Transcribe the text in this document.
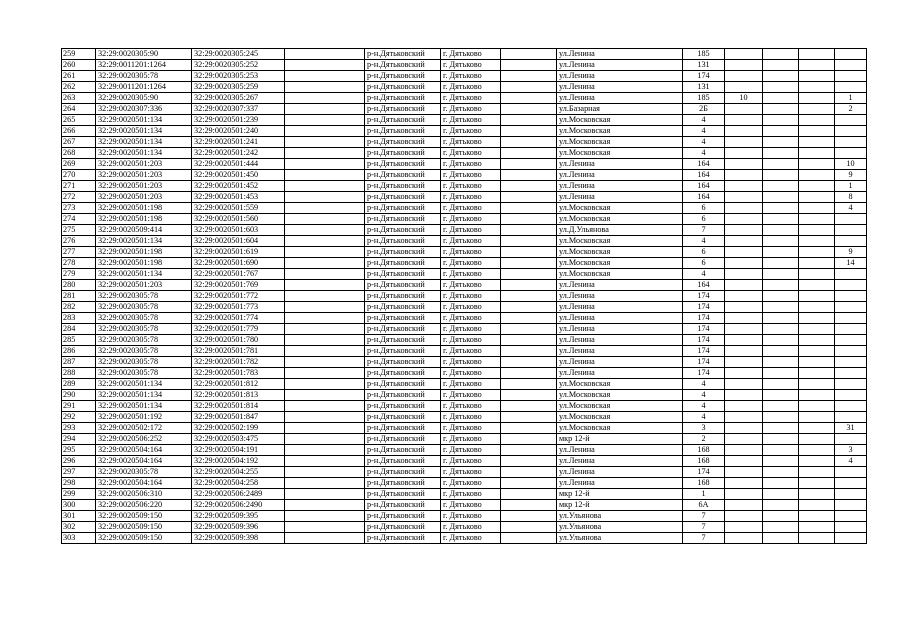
259	32:29:0020305:90	32:29:0020305:245		р-н.Дятьковский	г. Дятьково		ул.Ленина	185				
260	32:29:0011201:1264	32:29:0020305:252		р-н.Дятьковский	г. Дятьково		ул.Ленина	131				
261	32:29:0020305:78	32:29:0020305:253		р-н.Дятьковский	г. Дятьково		ул.Ленина	174				
262	32:29:0011201:1264	32:29:0020305:259		р-н.Дятьковский	г. Дятьково		ул.Ленина	131				
263	32:29:0020305:90	32:29:0020305:267		р-н.Дятьковский	г. Дятьково		ул.Ленина	185	10			1
264	32:29:0020307:336	32:29:0020307:337		р-н.Дятьковский	г. Дятьково		ул.Базарная	2Б				2
265	32:29:0020501:134	32:29:0020501:239		р-н.Дятьковский	г. Дятьково		ул.Московская	4				
266	32:29:0020501:134	32:29:0020501:240		р-н.Дятьковский	г. Дятьково		ул.Московская	4				
267	32:29:0020501:134	32:29:0020501:241		р-н.Дятьковский	г. Дятьково		ул.Московская	4				
268	32:29:0020501:134	32:29:0020501:242		р-н.Дятьковский	г. Дятьково		ул.Московская	4				
269	32:29:0020501:203	32:29:0020501:444		р-н.Дятьковский	г. Дятьково		ул.Ленина	164				10
270	32:29:0020501:203	32:29:0020501:450		р-н.Дятьковский	г. Дятьково		ул.Ленина	164				9
271	32:29:0020501:203	32:29:0020501:452		р-н.Дятьковский	г. Дятьково		ул.Ленина	164				1
272	32:29:0020501:203	32:29:0020501:453		р-н.Дятьковский	г. Дятьково		ул.Ленина	164				8
273	32:29:0020501:198	32:29:0020501:559		р-н.Дятьковский	г. Дятьково		ул.Московская	6				4
274	32:29:0020501:198	32:29:0020501:560		р-н.Дятьковский	г. Дятьково		ул.Московская	6				
275	32:29:0020509:414	32:29:0020501:603		р-н.Дятьковский	г. Дятьково		ул.Д.Ульянова	7				
276	32:29:0020501:134	32:29:0020501:604		р-н.Дятьковский	г. Дятьково		ул.Московская	4				
277	32:29:0020501:198	32:29:0020501:619		р-н.Дятьковский	г. Дятьково		ул.Московская	6				9
278	32:29:0020501:198	32:29:0020501:690		р-н.Дятьковский	г. Дятьково		ул.Московская	6				14
279	32:29:0020501:134	32:29:0020501:767		р-н.Дятьковский	г. Дятьково		ул.Московская	4				
280	32:29:0020501:203	32:29:0020501:769		р-н.Дятьковский	г. Дятьково		ул.Ленина	164				
281	32:29:0020305:78	32:29:0020501:772		р-н.Дятьковский	г. Дятьково		ул.Ленина	174				
282	32:29:0020305:78	32:29:0020501:773		р-н.Дятьковский	г. Дятьково		ул.Ленина	174				
283	32:29:0020305:78	32:29:0020501:774		р-н.Дятьковский	г. Дятьково		ул.Ленина	174				
284	32:29:0020305:78	32:29:0020501:779		р-н.Дятьковский	г. Дятьково		ул.Ленина	174				
285	32:29:0020305:78	32:29:0020501:780		р-н.Дятьковский	г. Дятьково		ул.Ленина	174				
286	32:29:0020305:78	32:29:0020501:781		р-н.Дятьковский	г. Дятьково		ул.Ленина	174				
287	32:29:0020305:78	32:29:0020501:782		р-н.Дятьковский	г. Дятьково		ул.Ленина	174				
288	32:29:0020305:78	32:29:0020501:783		р-н.Дятьковский	г. Дятьково		ул.Ленина	174				
289	32:29:0020501:134	32:29:0020501:812		р-н.Дятьковский	г. Дятьково		ул.Московская	4				
290	32:29:0020501:134	32:29:0020501:813		р-н.Дятьковский	г. Дятьково		ул.Московская	4				
291	32:29:0020501:134	32:29:0020501:814		р-н.Дятьковский	г. Дятьково		ул.Московская	4				
292	32:29:0020501:192	32:29:0020501:847		р-н.Дятьковский	г. Дятьково		ул.Московская	4				
293	32:29:0020502:172	32:29:0020502:199		р-н.Дятьковский	г. Дятьково		ул.Московская	3				31
294	32:29:0020506:252	32:29:0020503:475		р-н.Дятьковский	г. Дятьково		мкр 12-й	2				
295	32:29:0020504:164	32:29:0020504:191		р-н.Дятьковский	г. Дятьково		ул.Ленина	168				3
296	32:29:0020504:164	32:29:0020504:192		р-н.Дятьковский	г. Дятьково		ул.Ленина	168				4
297	32:29:0020305:78	32:29:0020504:255		р-н.Дятьковский	г. Дятьково		ул.Ленина	174				
298	32:29:0020504:164	32:29:0020504:258		р-н.Дятьковский	г. Дятьково		ул.Ленина	168				
299	32:29:0020506:310	32:29:0020506:2489		р-н.Дятьковский	г. Дятьково		мкр 12-й	1				
300	32:29:0020506:220	32:29:0020506:2490		р-н.Дятьковский	г. Дятьково		мкр 12-й	6А				
301	32:29:0020509:150	32:29:0020509:395		р-н.Дятьковский	г. Дятьково		ул.Ульянова	7				
302	32:29:0020509:150	32:29:0020509:396		р-н.Дятьковский	г. Дятьково		ул.Ульянова	7				
303	32:29:0020509:150	32:29:0020509:398		р-н.Дятьковский	г. Дятьково		ул.Ульянова	7				
